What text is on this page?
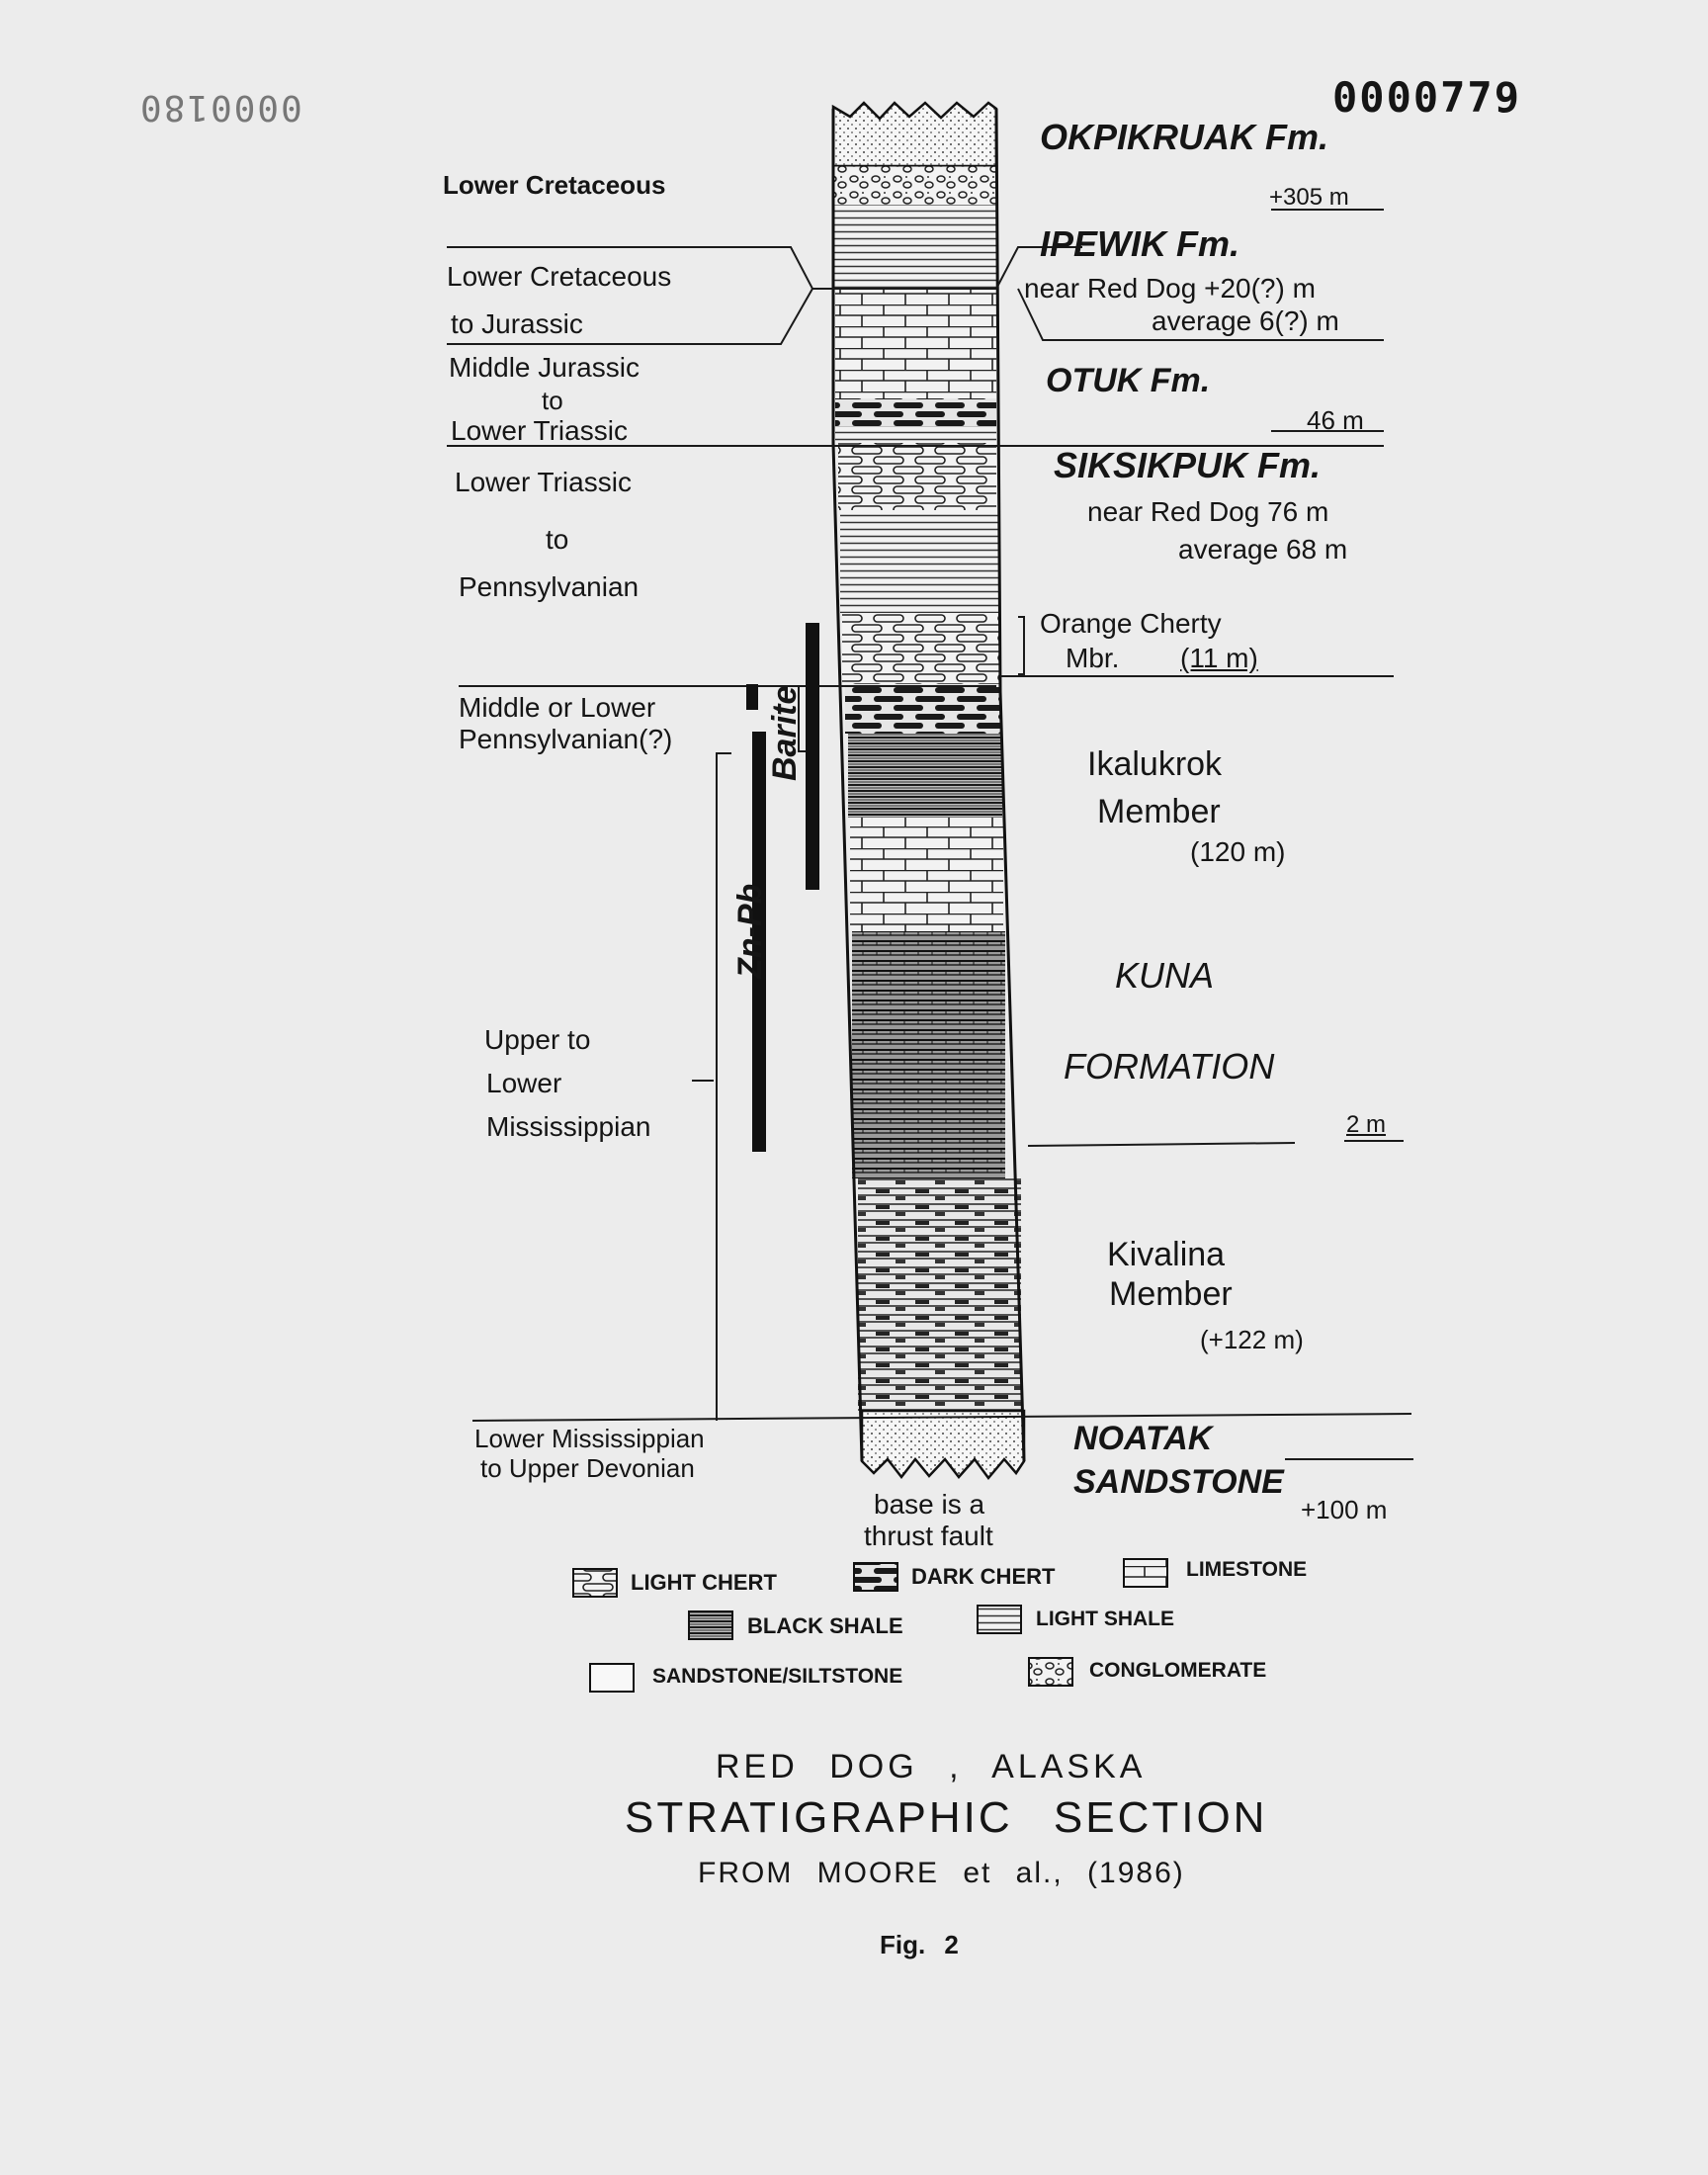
0000180	0000779
OKPIKRUAK Fm.
+305 m
IPEWIK Fm.
near Red Dog +20(?) m
average 6(?) m
OTUK Fm.
46 m
SIKSIKPUK Fm.
near Red Dog 76 m
average 68 m
Orange Cherty
Mbr. (11 m)
Ikalukrok
Member
(120 m)
KUNA
FORMATION
2 m
Kivalina
Member
(+122 m)
NOATAK
SANDSTONE
+100 m
Lower Cretaceous
Lower Cretaceous
to Jurassic
Middle Jurassic
to
Lower Triassic
Lower Triassic
to
Pennsylvanian
Middle or Lower
Pennsylvanian(?)
Upper to
Lower
Mississippian
Lower Mississippian
to Upper Devonian
Barite
Zn-Pb
base is a
thrust fault
LIGHT CHERT	DARK CHERT	LIMESTONE
BLACK SHALE	LIGHT SHALE
SANDSTONE/SILTSTONE	CONGLOMERATE
RED DOG , ALASKA
STRATIGRAPHIC SECTION
FROM MOORE et al., (1986)
Fig. 2
